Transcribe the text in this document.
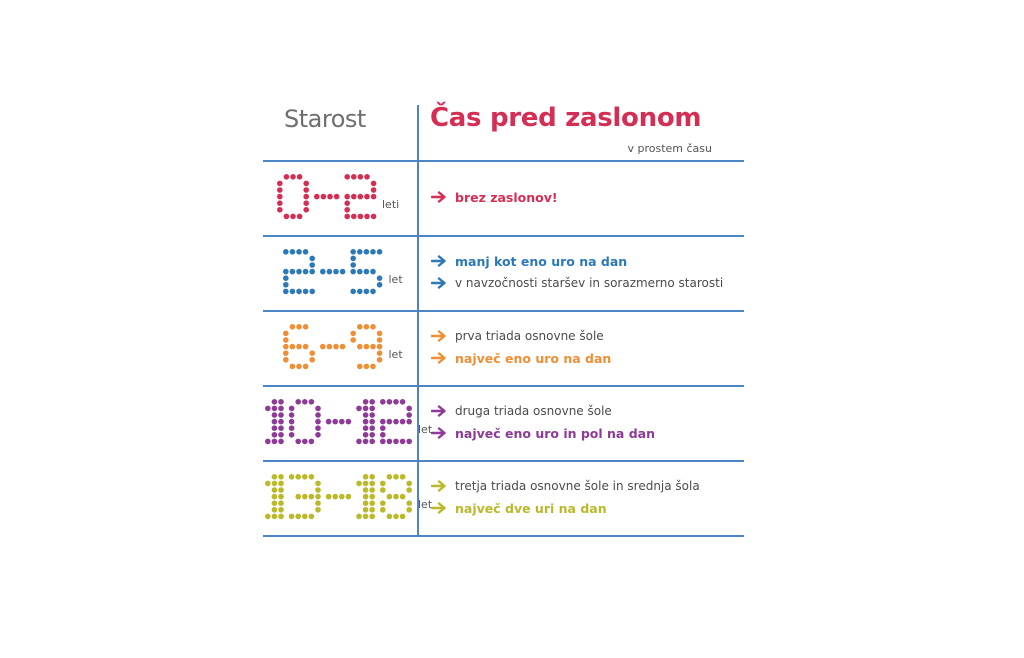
Starost Čas pred zaslonom
v prostem času
leti	brez zaslonov!
let
manj kot eno uro na dan
v navzočnosti staršev in sorazmerno starosti
let
prva triada osnovne šole
največ eno uro na dan
let
druga triada osnovne šole
največ eno uro in pol na dan
let
tretja triada osnovne šole in srednja šola
največ dve uri na dan
